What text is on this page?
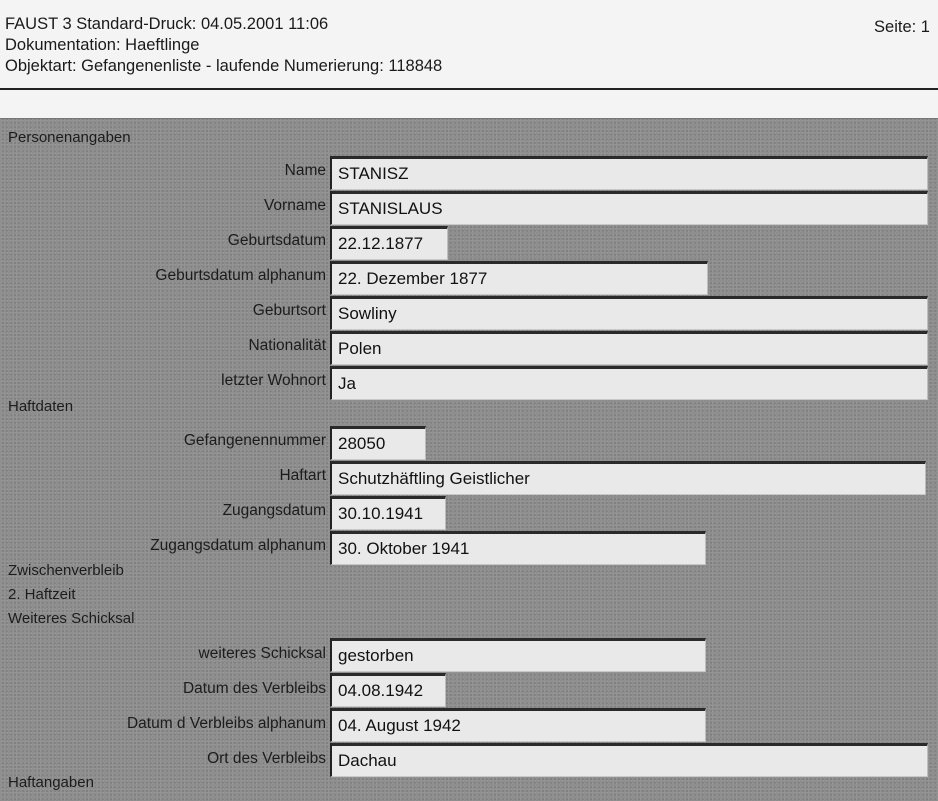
FAUST 3 Standard-Druck: 04.05.2001 11:06
Dokumentation: Haeftlinge
Objektart: Gefangenenliste - laufende Numerierung: 118848
Seite: 1
Personenangaben
Name STANISZ
Vorname STANISLAUS
Geburtsdatum 22.12.1877
Geburtsdatum alphanum 22. Dezember 1877
Geburtsort Sowliny
Nationalität Polen
letzter Wohnort Ja
Haftdaten
Gefangenennummer 28050
Haftart Schutzhäftling Geistlicher
Zugangsdatum 30.10.1941
Zugangsdatum alphanum 30. Oktober 1941
Zwischenverbleib
2. Haftzeit
Weiteres Schicksal
weiteres Schicksal gestorben
Datum des Verbleibs 04.08.1942
Datum d Verbleibs alphanum 04. August 1942
Ort des Verbleibs Dachau
Haftangaben
